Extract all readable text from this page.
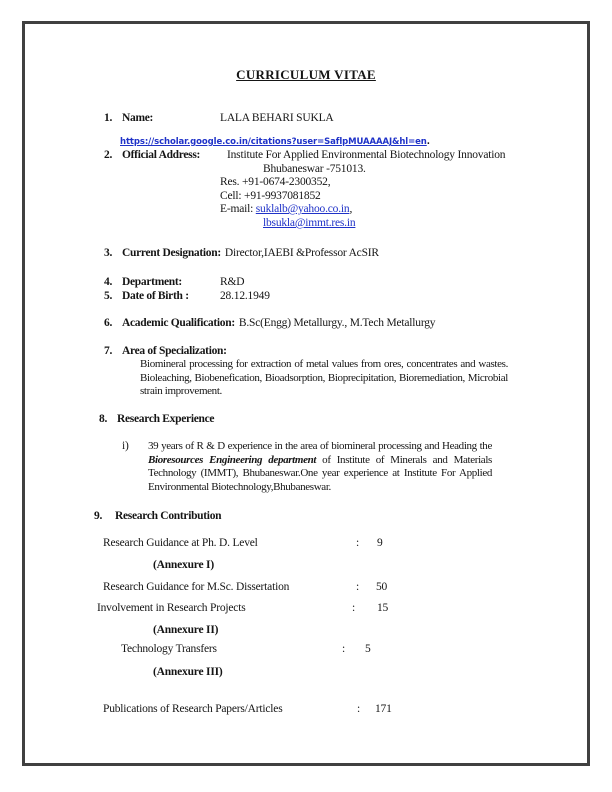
CURRICULUM VITAE
1. Name:	LALA BEHARI SUKLA
https://scholar.google.co.in/citations?user=SaflpMUAAAAJ&hl=en.
2. Official Address: Institute For Applied Environmental Biotechnology Innovation
Bhubaneswar -751013.
Res. +91-0674-2300352,
Cell: +91-9937081852
E-mail: suklalb@yahoo.co.in,
lbsukla@immt.res.in
3. Current Designation: Director,IAEBI &Professor AcSIR
4. Department:	R&D
5. Date of Birth :	28.12.1949
6. Academic Qualification: B.Sc(Engg) Metallurgy., M.Tech Metallurgy
7. Area of Specialization:
Biomineral processing for extraction of metal values from ores, concentrates and wastes. Bioleaching, Biobenefication, Bioadsorption, Bioprecipitation, Bioremediation, Microbial strain improvement.
8. Research Experience
i) 39 years of R & D experience in the area of biomineral processing and Heading the Bioresources Engineering department of Institute of Minerals and Materials Technology (IMMT), Bhubaneswar.One year experience at Institute For Applied Environmental Biotechnology,Bhubaneswar.
9. Research Contribution
Research Guidance at Ph. D. Level	: 9
(Annexure I)
Research Guidance for M.Sc. Dissertation	: 50
Involvement in Research Projects	: 15
(Annexure II)
Technology Transfers	: 5
(Annexure III)
Publications of Research Papers/Articles	: 171
